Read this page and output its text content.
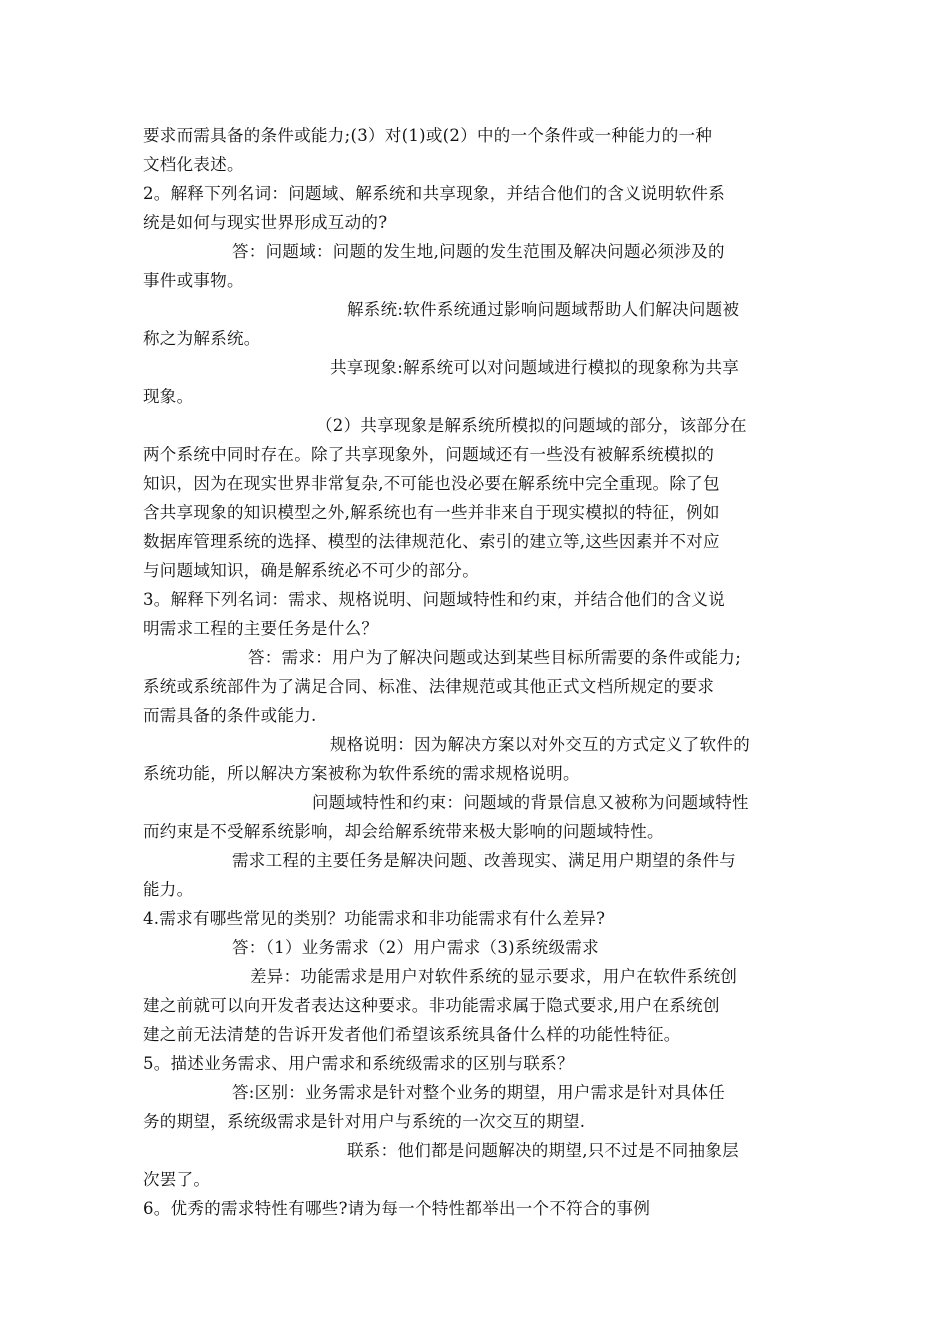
要求而需具备的条件或能力;(3）对(1)或(2）中的一个条件或一种能力的一种
文档化表述。
2。解释下列名词：问题域、解系统和共享现象，并结合他们的含义说明软件系
统是如何与现实世界形成互动的?
答：问题域：问题的发生地,问题的发生范围及解决问题必须涉及的
事件或事物。
解系统:软件系统通过影响问题域帮助人们解决问题被
称之为解系统。
共享现象:解系统可以对问题域进行模拟的现象称为共享
现象。
（2）共享现象是解系统所模拟的问题域的部分，该部分在
两个系统中同时存在。除了共享现象外，问题域还有一些没有被解系统模拟的
知识，因为在现实世界非常复杂,不可能也没必要在解系统中完全重现。除了包
含共享现象的知识模型之外,解系统也有一些并非来自于现实模拟的特征，例如
数据库管理系统的选择、模型的法律规范化、索引的建立等,这些因素并不对应
与问题域知识，确是解系统必不可少的部分。
3。解释下列名词：需求、规格说明、问题域特性和约束，并结合他们的含义说
明需求工程的主要任务是什么？
答：需求：用户为了解决问题或达到某些目标所需要的条件或能力;
系统或系统部件为了满足合同、标准、法律规范或其他正式文档所规定的要求
而需具备的条件或能力.
规格说明：因为解决方案以对外交互的方式定义了软件的
系统功能，所以解决方案被称为软件系统的需求规格说明。
问题域特性和约束：问题域的背景信息又被称为问题域特性
而约束是不受解系统影响，却会给解系统带来极大影响的问题域特性。
需求工程的主要任务是解决问题、改善现实、满足用户期望的条件与
能力。
4.需求有哪些常见的类别？功能需求和非功能需求有什么差异?
答：（1）业务需求（2）用户需求（3)系统级需求
差异：功能需求是用户对软件系统的显示要求，用户在软件系统创
建之前就可以向开发者表达这种要求。非功能需求属于隐式要求,用户在系统创
建之前无法清楚的告诉开发者他们希望该系统具备什么样的功能性特征。
5。描述业务需求、用户需求和系统级需求的区别与联系？
答:区别：业务需求是针对整个业务的期望，用户需求是针对具体任
务的期望，系统级需求是针对用户与系统的一次交互的期望.
联系：他们都是问题解决的期望,只不过是不同抽象层
次罢了。
6。优秀的需求特性有哪些?请为每一个特性都举出一个不符合的事例
